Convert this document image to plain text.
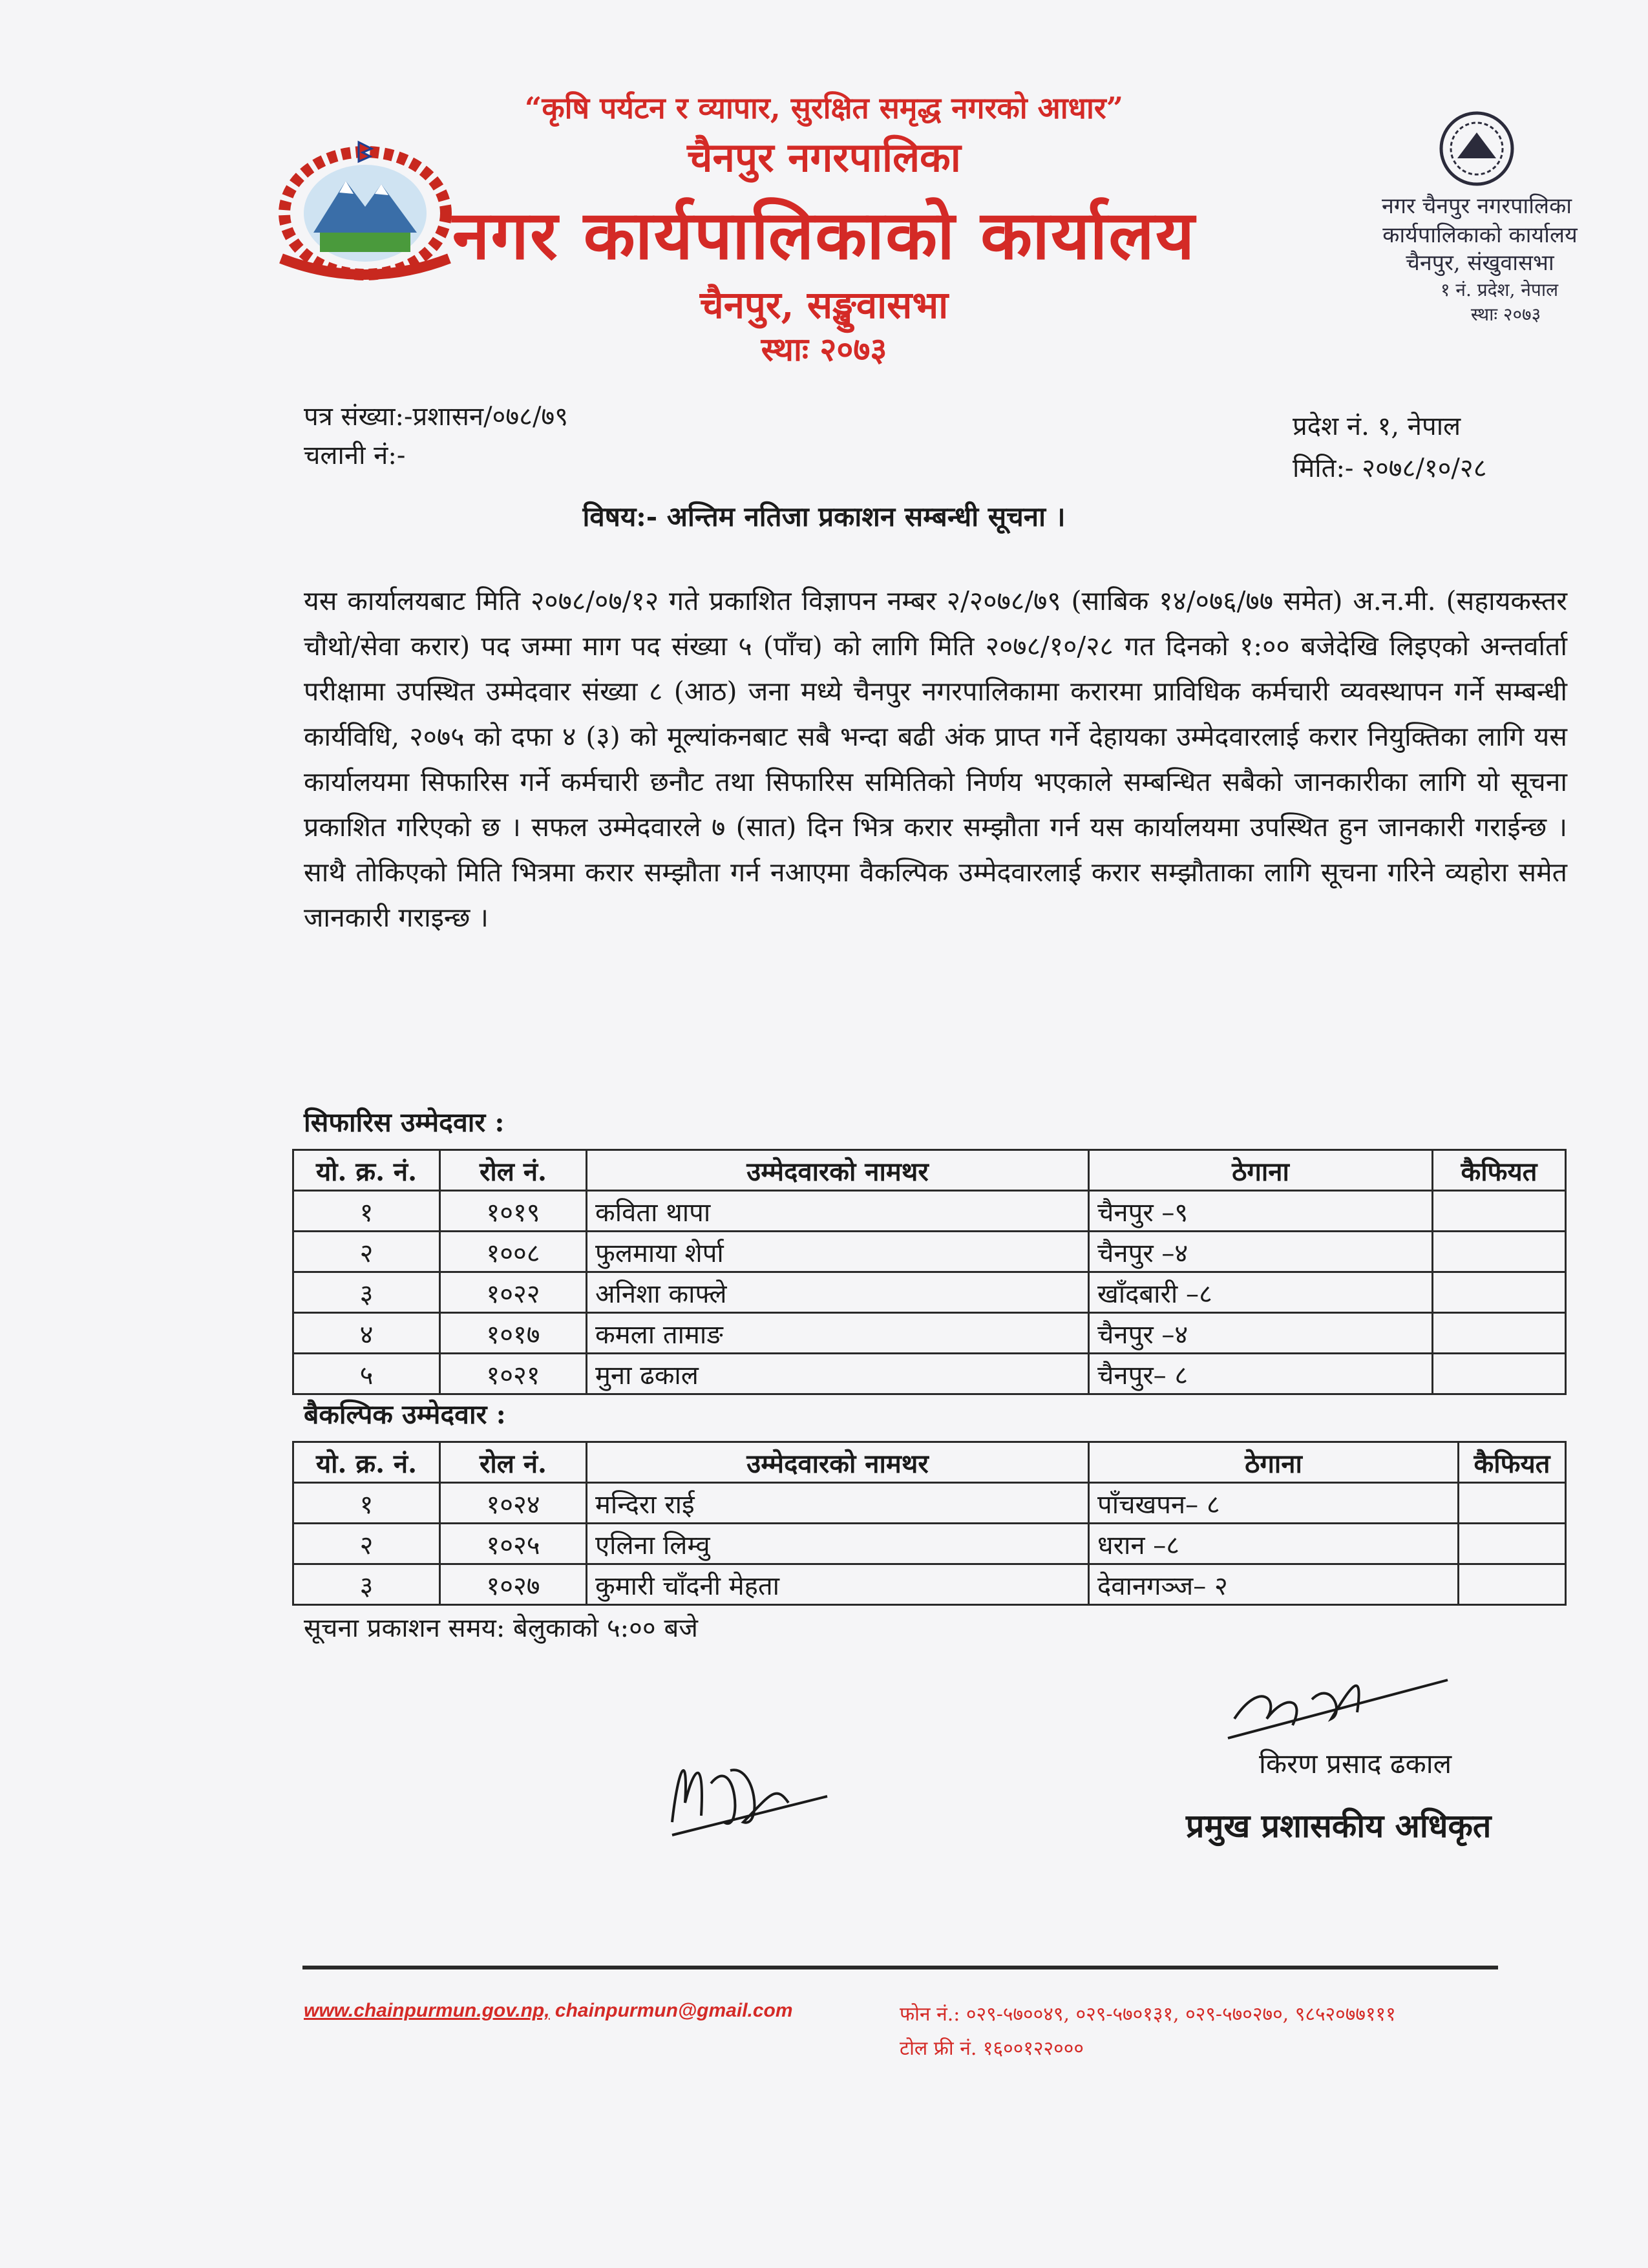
नगर चैनपुर नगरपालिका
कार्यपालिकाको कार्यालय
चैनपुर, संखुवासभा
१ नं. प्रदेश, नेपाल
स्थाः २०७३
“कृषि पर्यटन र व्यापार, सुरक्षित समृद्ध नगरको आधार”
चैनपुर नगरपालिका
नगर कार्यपालिकाको कार्यालय
चैनपुर, सङ्खुवासभा
स्थाः २०७३
पत्र संख्या:-प्रशासन/०७८/७९
चलानी नं:-
प्रदेश नं. १, नेपाल
मिति:- २०७८/१०/२८
विषय:- अन्तिम नतिजा प्रकाशन सम्बन्धी सूचना ।

यस कार्यालयबाट मिति २०७८/०७/१२ गते प्रकाशित विज्ञापन नम्बर २/२०७८/७९ (साबिक १४/०७६/७७ समेत) अ.न.मी. (सहायकस्तर चौथो/सेवा करार) पद जम्मा माग पद संख्या ५ (पाँच) को लागि मिति २०७८/१०/२८ गत दिनको १:०० बजेदेखि लिइएको अन्तर्वार्ता परीक्षामा उपस्थित उम्मेदवार संख्या ८ (आठ) जना मध्ये चैनपुर नगरपालिकामा करारमा प्राविधिक कर्मचारी व्यवस्थापन गर्ने सम्बन्धी कार्यविधि, २०७५ को दफा ४ (३) को मूल्यांकनबाट सबै भन्दा बढी अंक प्राप्त गर्ने देहायका उम्मेदवारलाई करार नियुक्तिका लागि यस कार्यालयमा सिफारिस गर्ने कर्मचारी छनौट तथा सिफारिस समितिको निर्णय भएकाले सम्बन्धित सबैको जानकारीका लागि यो सूचना प्रकाशित गरिएको छ । सफल उम्मेदवारले ७ (सात) दिन भित्र करार सम्झौता गर्न यस कार्यालयमा उपस्थित हुन जानकारी गराईन्छ । साथै तोकिएको मिति भित्रमा करार सम्झौता गर्न नआएमा वैकल्पिक उम्मेदवारलाई करार सम्झौताका लागि सूचना गरिने व्यहोरा समेत जानकारी गराइन्छ ।

सिफारिस उम्मेदवार :
यो. क्र. नं.	रोल नं.	उम्मेदवारको नामथर	ठेगाना	कैफियत
१	१०१९	कविता थापा	चैनपुर –९	
२	१००८	फुलमाया शेर्पा	चैनपुर –४	
३	१०२२	अनिशा काफ्ले	खाँदबारी –८	
४	१०१७	कमला तामाङ	चैनपुर –४	
५	१०२१	मुना ढकाल	चैनपुर– ८	
बैकल्पिक उम्मेदवार :
यो. क्र. नं.	रोल नं.	उम्मेदवारको नामथर	ठेगाना	कैफियत
१	१०२४	मन्दिरा राई	पाँचखपन– ८	
२	१०२५	एलिना लिम्वु	धरान –८	
३	१०२७	कुमारी चाँदनी मेहता	देवानगञ्ज– २	
सूचना प्रकाशन समय: बेलुकाको ५:०० बजे
किरण प्रसाद ढकाल
प्रमुख प्रशासकीय अधिकृत
www.chainpurmun.gov.np, chainpurmun@gmail.com	फोन नं.: ०२९-५७००४९, ०२९-५७०१३१, ०२९-५७०२७०, ९८५२०७७१११
टोल फ्री नं. १६००१२२०००
